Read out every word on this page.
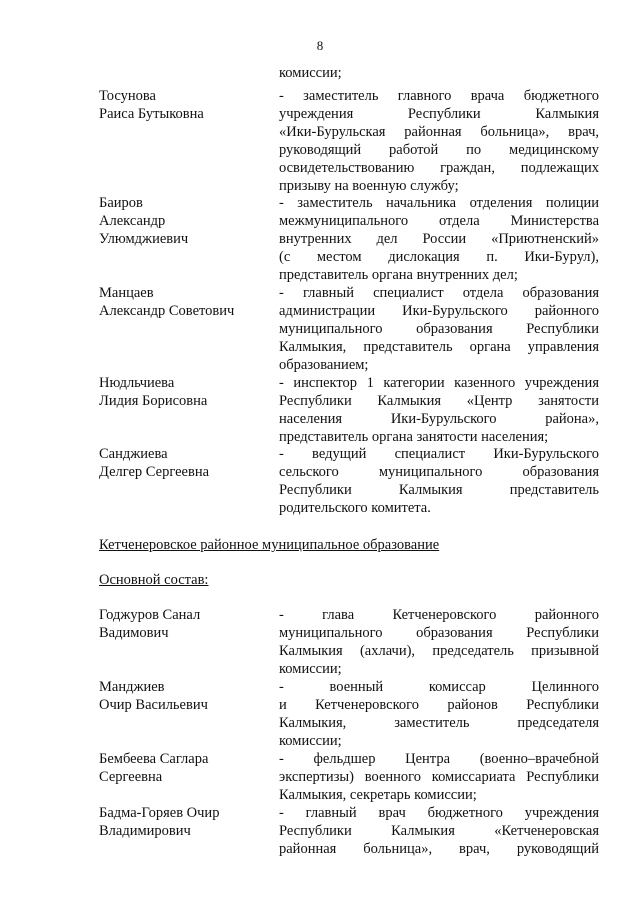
8
комиссии;
Тосунова
Раиса Бутыковна
- заместитель главного врача бюджетного
учреждения Республики Калмыкия
«Ики-Бурульская районная больница», врач,
руководящий работой по медицинскому
освидетельствованию граждан, подлежащих
призыву на военную службу;
Баиров
Александр
Улюмджиевич
- заместитель начальника отделения полиции
межмуниципального отдела Министерства
внутренних дел России «Приютненский»
(с местом дислокация п. Ики-Бурул),
представитель органа внутренних дел;
Манцаев
Александр Советович
- главный специалист отдела образования
администрации Ики-Бурульского районного
муниципального образования Республики
Калмыкия, представитель органа управления
образованием;
Нюдльчиева
Лидия Борисовна
- инспектор 1 категории казенного учреждения
Республики Калмыкия «Центр занятости
населения Ики-Бурульского района»,
представитель органа занятости населения;
Санджиева
Делгер Сергеевна
- ведущий специалист Ики-Бурульского
сельского муниципального образования
Республики Калмыкия представитель
родительского комитета.
Кетченеровское районное муниципальное образование
Основной состав:
Годжуров Санал
Вадимович
- глава Кетченеровского районного
муниципального образования Республики
Калмыкия (ахлачи), председатель призывной
комиссии;
Манджиев
Очир Васильевич
- военный комиссар Целинного
и Кетченеровского районов Республики
Калмыкия, заместитель председателя
комиссии;
Бембеева Саглара
Сергеевна
- фельдшер Центра (военно–врачебной
экспертизы) военного комиссариата Республики
Калмыкия, секретарь комиссии;
Бадма-Горяев Очир
Владимирович
- главный врач бюджетного учреждения
Республики Калмыкия «Кетченеровская
районная больница», врач, руководящий
